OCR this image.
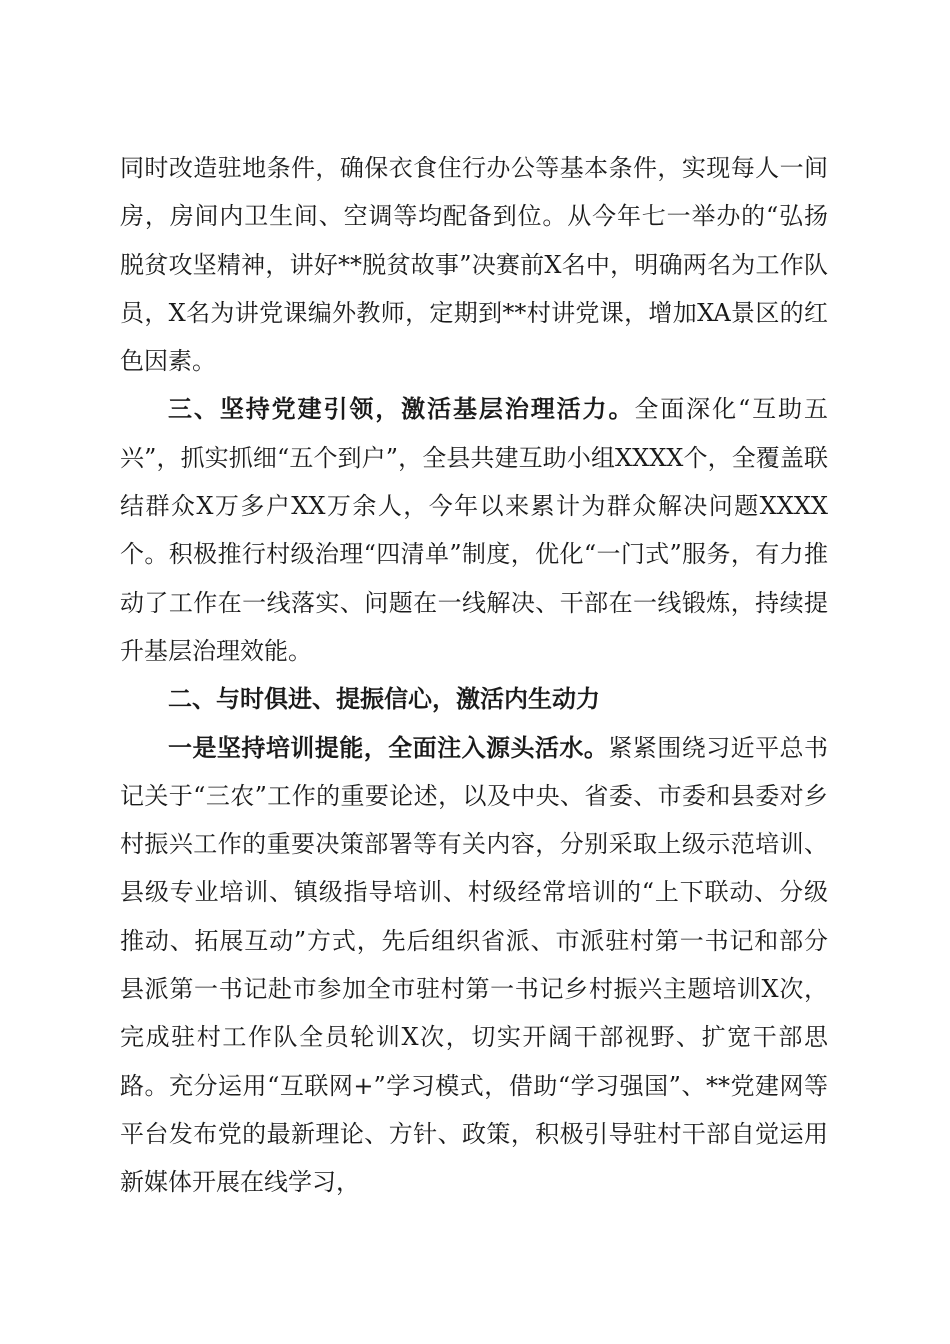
同时改造驻地条件，确保衣食住行办公等基本条件，实现每人一间房，房间内卫生间、空调等均配备到位。从今年七一举办的“弘扬脱贫攻坚精神，讲好**脱贫故事”决赛前X名中，明确两名为工作队员，X名为讲党课编外教师，定期到**村讲党课，增加XA景区的红色因素。

三、坚持党建引领，激活基层治理活力。全面深化“互助五兴”，抓实抓细“五个到户”，全县共建互助小组XXXX个，全覆盖联结群众X万多户XX万余人，今年以来累计为群众解决问题XXXX个。积极推行村级治理“四清单”制度，优化“一门式”服务，有力推动了工作在一线落实、问题在一线解决、干部在一线锻炼，持续提升基层治理效能。

二、与时俱进、提振信心，激活内生动力

一是坚持培训提能，全面注入源头活水。紧紧围绕习近平总书记关于“三农”工作的重要论述，以及中央、省委、市委和县委对乡村振兴工作的重要决策部署等有关内容，分别采取上级示范培训、县级专业培训、镇级指导培训、村级经常培训的“上下联动、分级推动、拓展互动”方式，先后组织省派、市派驻村第一书记和部分县派第一书记赴市参加全市驻村第一书记乡村振兴主题培训X次，完成驻村工作队全员轮训X次，切实开阔干部视野、扩宽干部思路。充分运用“互联网+”学习模式，借助“学习强国”、**党建网等平台发布党的最新理论、方针、政策，积极引导驻村干部自觉运用新媒体开展在线学习，
